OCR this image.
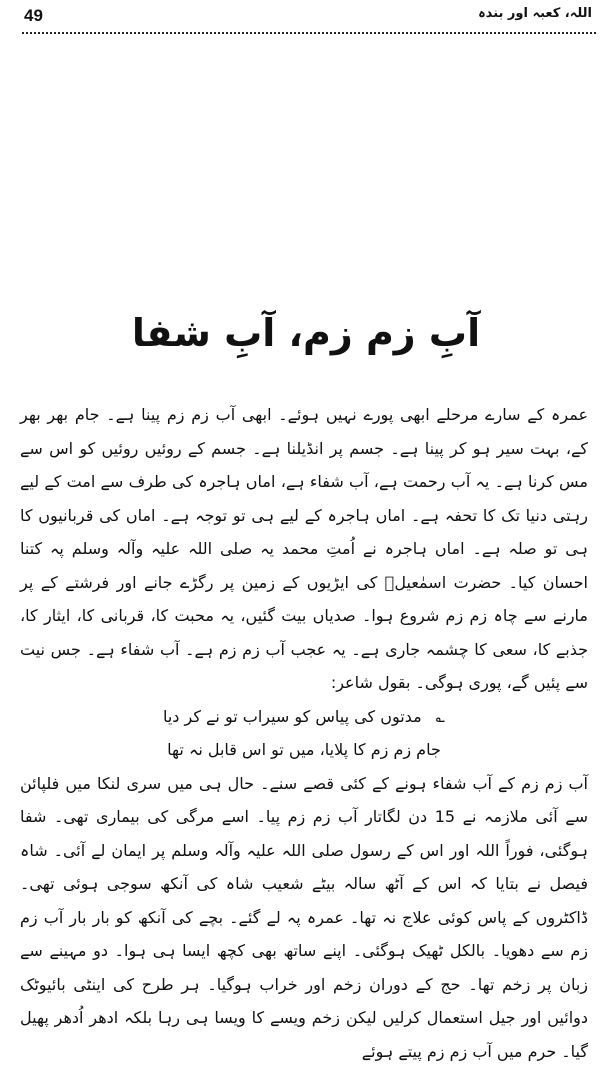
49	اللہ، کعبہ اور بندہ
آبِ زم زم، آبِ شفا

عمرہ کے سارے مرحلے ابھی پورے نہیں ہوئے۔ ابھی آب زم زم پینا ہے۔ جام بھر بھر کے، بہت سیر ہو کر پینا ہے۔ جسم پر انڈیلنا ہے۔ جسم کے روئیں روئیں کو اس سے مس کرنا ہے۔ یہ آب رحمت ہے، آب شفاء ہے، اماں ہاجرہ کی طرف سے امت کے لیے رہتی دنیا تک کا تحفہ ہے۔ اماں ہاجرہ کے لیے ہی تو توجہ ہے۔ اماں کی قربانیوں کا ہی تو صلہ ہے۔ اماں ہاجرہ نے اُمتِ محمد یہ صلی اللہ علیہ وآلہ وسلم پہ کتنا احسان کیا۔ حضرت اسمٰعیلؑ کی ایڑیوں کے زمین پر رگڑے جانے اور فرشتے کے پر مارنے سے چاہ زم زم شروع ہوا۔ صدیاں بیت گئیں، یہ محبت کا، قربانی کا، ایثار کا، جذبے کا، سعی کا چشمہ جاری ہے۔ یہ عجب آب زم زم ہے۔ آب شفاء ہے۔ جس نیت سے پئیں گے، پوری ہوگی۔ بقول شاعر:

؎مدتوں کی پیاس کو سیراب تو نے کر دیا
جام زم زم کا پلایا، میں تو اس قابل نہ تھا

آب زم زم کے آب شفاء ہونے کے کئی قصے سنے۔ حال ہی میں سری لنکا میں فلپائن سے آئی ملازمہ نے 15 دن لگاتار آب زم زم پیا۔ اسے مرگی کی بیماری تھی۔ شفا ہوگئی، فوراً اللہ اور اس کے رسول صلی اللہ علیہ وآلہ وسلم پر ایمان لے آئی۔ شاہ فیصل نے بتایا کہ اس کے آٹھ سالہ بیٹے شعیب شاہ کی آنکھ سوجی ہوئی تھی۔ ڈاکٹروں کے پاس کوئی علاج نہ تھا۔ عمرہ پہ لے گئے۔ بچے کی آنکھ کو بار بار آب زم زم سے دھویا۔ بالکل ٹھیک ہوگئی۔ اپنے ساتھ بھی کچھ ایسا ہی ہوا۔ دو مہینے سے زبان پر زخم تھا۔ حج کے دوران زخم اور خراب ہوگیا۔ ہر طرح کی اینٹی بائیوٹک دوائیں اور جیل استعمال کرلیں لیکن زخم ویسے کا ویسا ہی رہا بلکہ ادھر اُدھر پھیل گیا۔ حرم میں آب زم زم پیتے ہوئے
